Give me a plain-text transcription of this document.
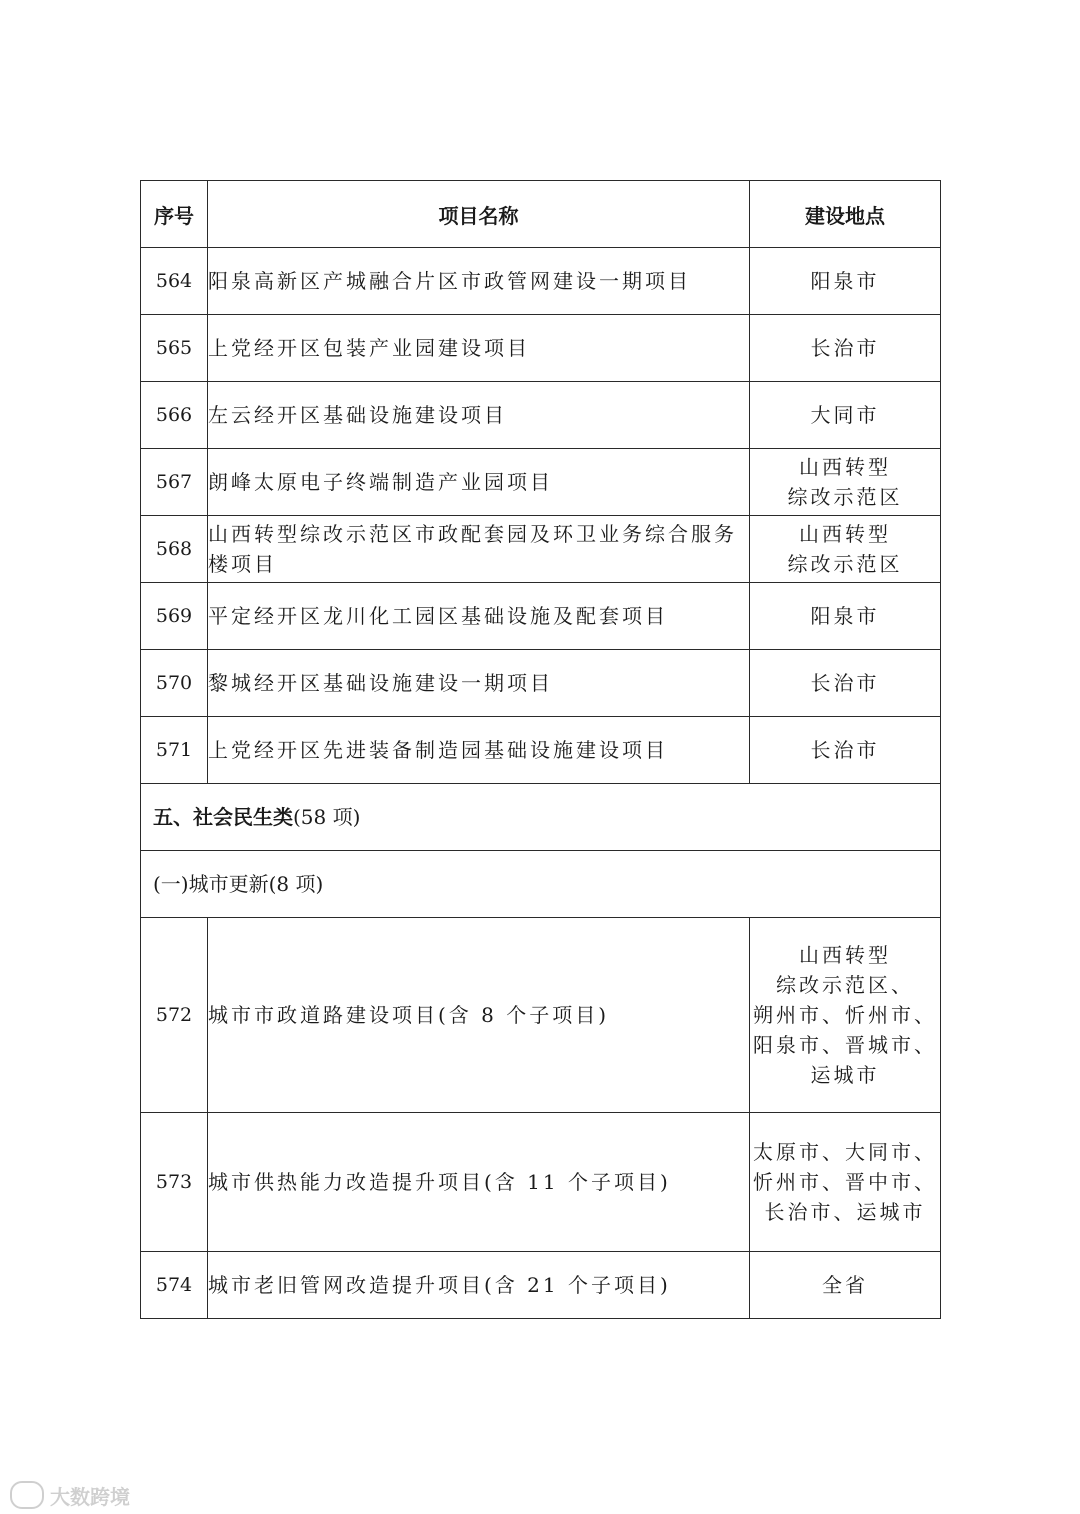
序号	项目名称	建设地点
564	阳泉高新区产城融合片区市政管网建设一期项目	阳泉市

565	上党经开区包装产业园建设项目	长治市

566	左云经开区基础设施建设项目	大同市

567	朗峰太原电子终端制造产业园项目	山西转型
综改示范区

568	山西转型综改示范区市政配套园及环卫业务综合服务楼项目	山西转型
综改示范区

569	平定经开区龙川化工园区基础设施及配套项目	阳泉市

570	黎城经开区基础设施建设一期项目	长治市

571	上党经开区先进装备制造园基础设施建设项目	长治市

五、社会民生类(58 项)		
(一)城市更新(8 项)		
572	城市市政道路建设项目(含 8 个子项目)	山西转型
综改示范区、
朔州市、忻州市、
阳泉市、晋城市、
运城市

573	城市供热能力改造提升项目(含 11 个子项目)	太原市、大同市、
忻州市、晋中市、
长治市、运城市

574	城市老旧管网改造提升项目(含 21 个子项目)	全省
大数跨境
